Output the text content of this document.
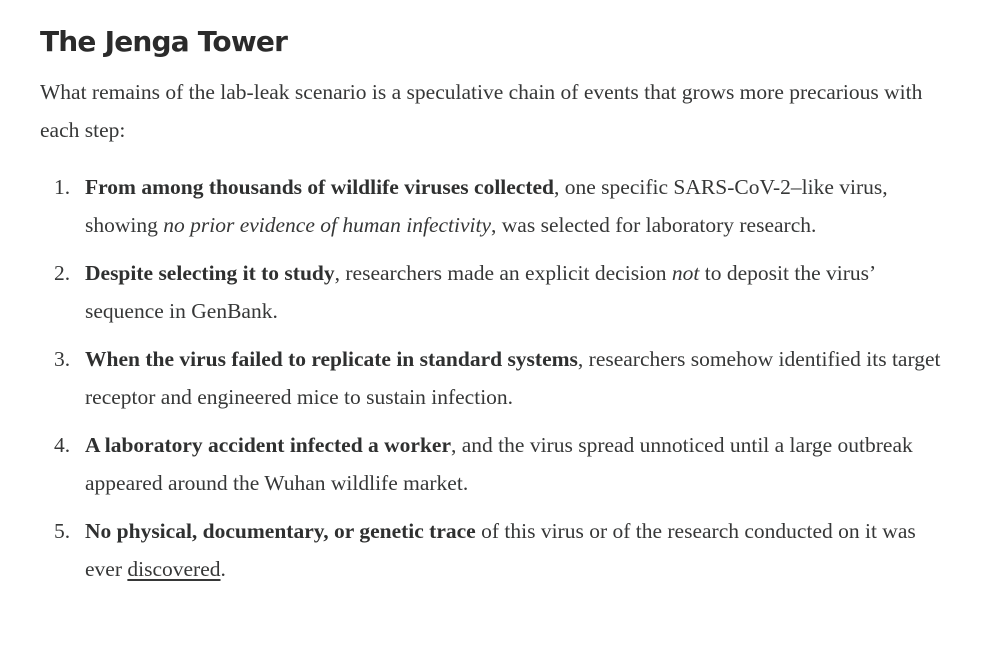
The Jenga Tower

What remains of the lab-leak scenario is a speculative chain of events that grows more precarious with each step:

1. From among thousands of wildlife viruses collected, one specific SARS-CoV-2–like virus, showing no prior evidence of human infectivity, was selected for laboratory research.
2. Despite selecting it to study, researchers made an explicit decision not to deposit the virus’ sequence in GenBank.
3. When the virus failed to replicate in standard systems, researchers somehow identified its target receptor and engineered mice to sustain infection.
4. A laboratory accident infected a worker, and the virus spread unnoticed until a large outbreak appeared around the Wuhan wildlife market.
5. No physical, documentary, or genetic trace of this virus or of the research conducted on it was ever discovered.
